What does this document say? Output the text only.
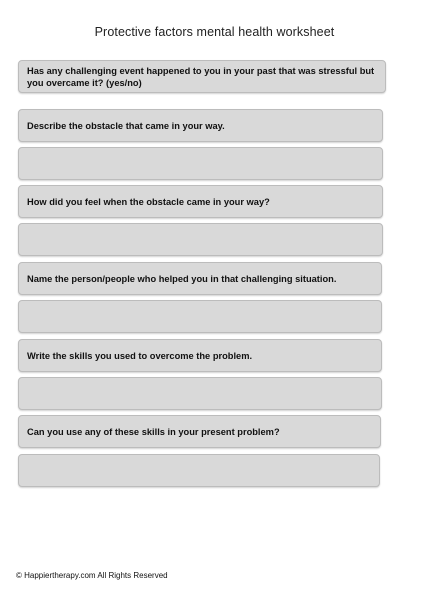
Protective factors mental health worksheet
Has any challenging event happened to you in your past that was stressful but you overcame it? (yes/no)
Describe the obstacle that came in your way.
How did you feel when the obstacle came in your way?
Name the person/people who helped you in that challenging situation.
Write the skills you used to overcome the problem.
Can you use any of these skills in your present problem?
© Happiertherapy.com All Rights Reserved
